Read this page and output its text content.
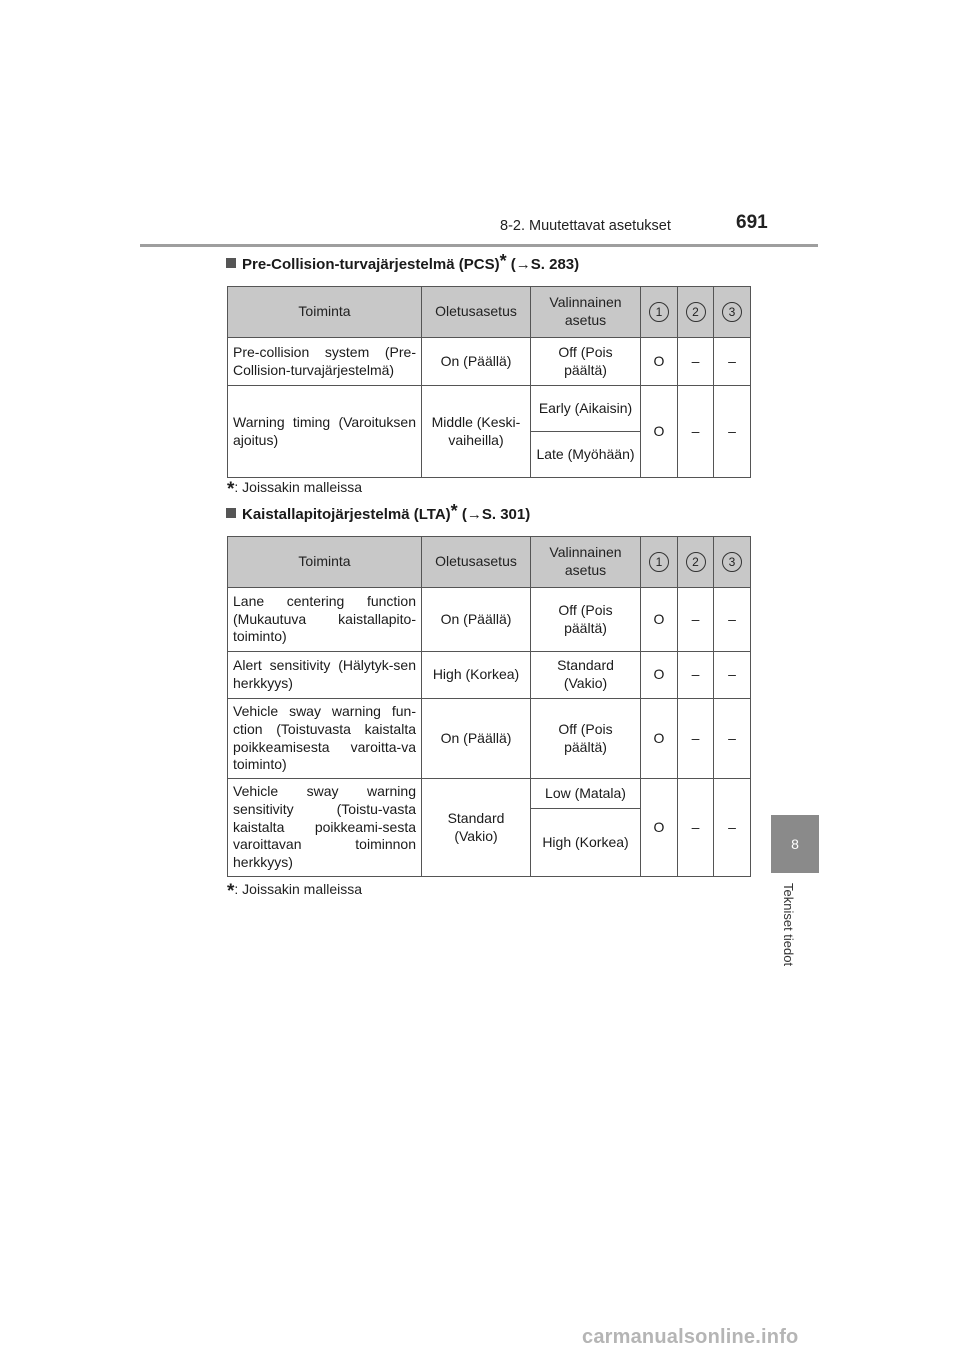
8-2. Muutettavat asetukset	691
8
Tekniset tiedot
Pre-Collision-turvajärjestelmä (PCS)* (→S. 283)
Toiminta	Oletusasetus	Valinnainen asetus	1	2	3
Pre-collision system (Pre-Collision-turvajärjestelmä)	On (Päällä)	Off (Pois päältä)	O	–	–
Warning timing (Varoituksen ajoitus)	Middle (Keski-vaiheilla)	Early (Aikaisin)	O	–	–
		Late (Myöhään)			
*: Joissakin malleissa
Kaistallapitojärjestelmä (LTA)* (→S. 301)
Toiminta	Oletusasetus	Valinnainen asetus	1	2	3
Lane centering function (Mukautuva kaistallapito-toiminto)	On (Päällä)	Off (Pois päältä)	O	–	–
Alert sensitivity (Hälytyk-sen herkkyys)	High (Korkea)	Standard (Vakio)	O	–	–
Vehicle sway warning fun-ction (Toistuvasta kaistalta poikkeamisesta varoitta-va toiminto)	On (Päällä)	Off (Pois päältä)	O	–	–
Vehicle sway warning sensitivity (Toistu-vasta kaistalta poikkeami-sesta varoittavan toiminnon herkkyys)	Standard (Vakio)	Low (Matala)	O	–	–
		High (Korkea)			
*: Joissakin malleissa
carmanualsonline.info
